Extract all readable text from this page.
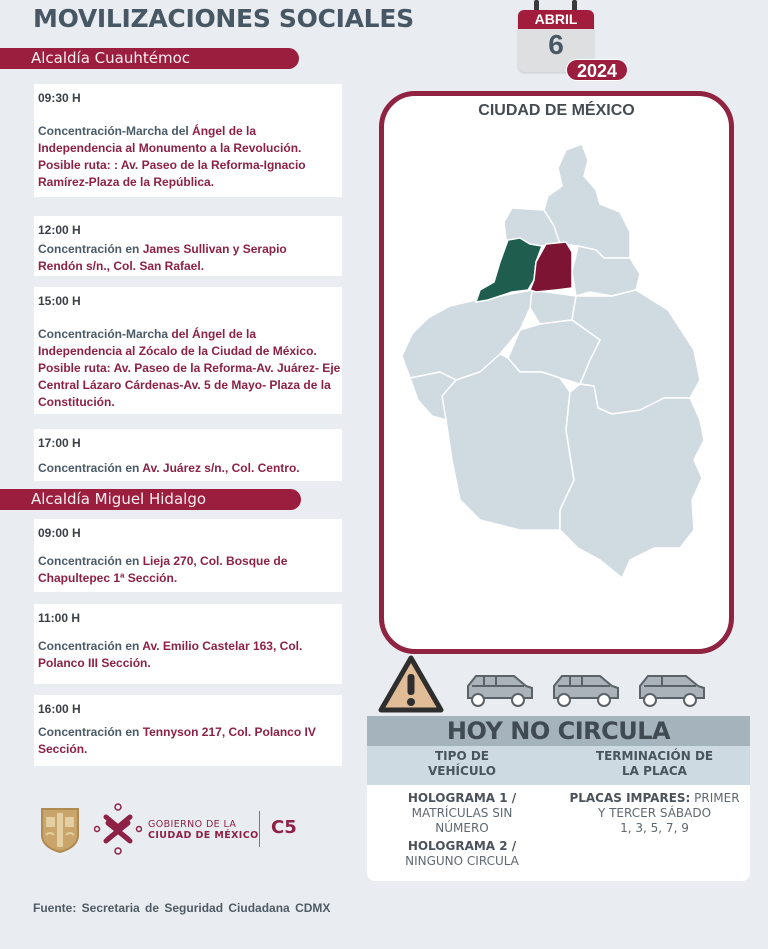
MOVILIZACIONES SOCIALES	ABRIL
6
2024
Alcaldía Cuauhtémoc
09:30 H
Concentración-Marcha del Ángel de la Independencia al Monumento a la Revolución. Posible ruta: : Av. Paseo de la Reforma-Ignacio Ramírez-Plaza de la República.
12:00 H
Concentración en James Sullivan y Serapio Rendón s/n., Col. San Rafael.
15:00 H
Concentración-Marcha del Ángel de la Independencia al Zócalo de la Ciudad de México. Posible ruta: Av. Paseo de la Reforma-Av. Juárez- Eje Central Lázaro Cárdenas-Av. 5 de Mayo- Plaza de la Constitución.
17:00 H
Concentración en Av. Juárez s/n., Col. Centro.
Alcaldía Miguel Hidalgo
09:00 H
Concentración en Lieja 270, Col. Bosque de Chapultepec 1ª Sección.
11:00 H
Concentración en Av. Emilio Castelar 163, Col. Polanco III Sección.
16:00 H
Concentración en Tennyson 217, Col. Polanco IV Sección.
CIUDAD DE MÉXICO
HOY NO CIRCULA
TIPO DE
VEHÍCULO
TERMINACIÓN DE
LA PLACA
HOLOGRAMA 1 /
MATRÍCULAS SIN
NÚMERO
HOLOGRAMA 2 /
NINGUNO CIRCULA
PLACAS IMPARES: PRIMER
Y TERCER SÁBADO
1, 3, 5, 7, 9
GOBIERNO DE LA
CIUDAD DE MÉXICO C5
Fuente: Secretaria de Seguridad Ciudadana CDMX
